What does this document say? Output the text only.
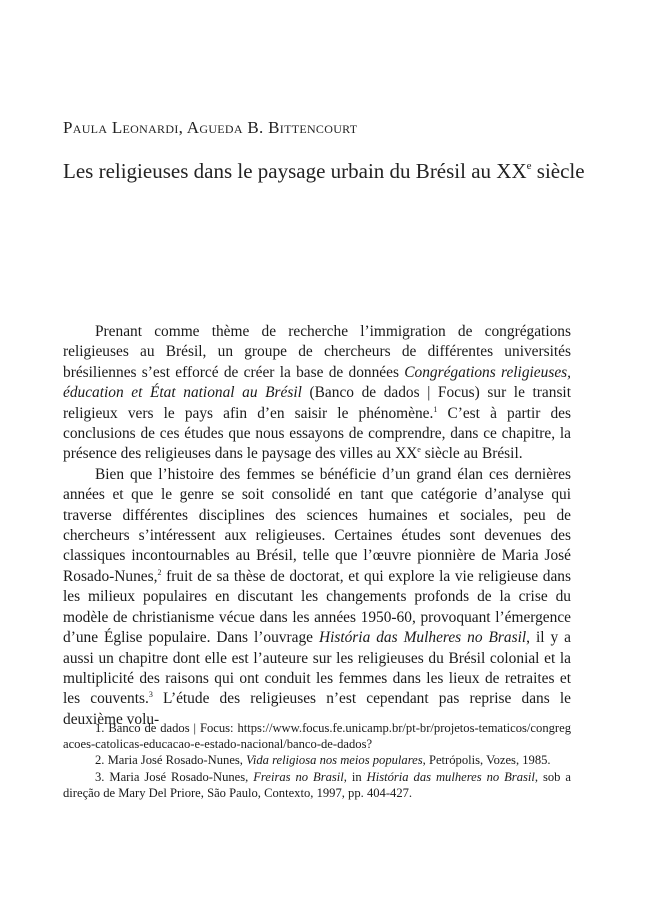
Paula Leonardi, Agueda B. Bittencourt
Les religieuses dans le paysage urbain du Brésil au XXe siècle

Prenant comme thème de recherche l’immigration de congrégations religieuses au Brésil, un groupe de chercheurs de différentes universités brésiliennes s’est efforcé de créer la base de données Congrégations religieuses, éducation et État national au Brésil (Banco de dados | Focus) sur le transit religieux vers le pays afin d’en saisir le phénomène.$^1$ C’est à partir des conclusions de ces études que nous essayons de comprendre, dans ce chapitre, la présence des religieuses dans le paysage des villes au XXe siècle au Brésil.

Bien que l’histoire des femmes se bénéficie d’un grand élan ces dernières années et que le genre se soit consolidé en tant que catégorie d’analyse qui traverse différentes disciplines des sciences humaines et sociales, peu de chercheurs s’intéressent aux religieuses. Certaines études sont devenues des classiques incontournables au Brésil, telle que l’œuvre pionnière de Maria José Rosado-Nunes,$^2$ fruit de sa thèse de doctorat, et qui explore la vie religieuse dans les milieux populaires en discutant les changements profonds de la crise du modèle de christianisme vécue dans les années 1950-60, provoquant l’émergence d’une Église populaire. Dans l’ouvrage História das Mulheres no Brasil, il y a aussi un chapitre dont elle est l’auteure sur les religieuses du Brésil colonial et la multiplicité des raisons qui ont conduit les femmes dans les lieux de retraites et les couvents.$^3$ L’étude des religieuses n’est cependant pas reprise dans le deuxième volu-

1. Banco de dados | Focus: https://www.focus.fe.unicamp.br/pt-br/projetos-tematicos/congregacoes-catolicas-educacao-e-estado-nacional/banco-de-dados?

2. Maria José Rosado-Nunes, Vida religiosa nos meios populares, Petrópolis, Vozes, 1985.

3. Maria José Rosado-Nunes, Freiras no Brasil, in História das mulheres no Brasil, sob a direção de Mary Del Priore, São Paulo, Contexto, 1997, pp. 404-427.
